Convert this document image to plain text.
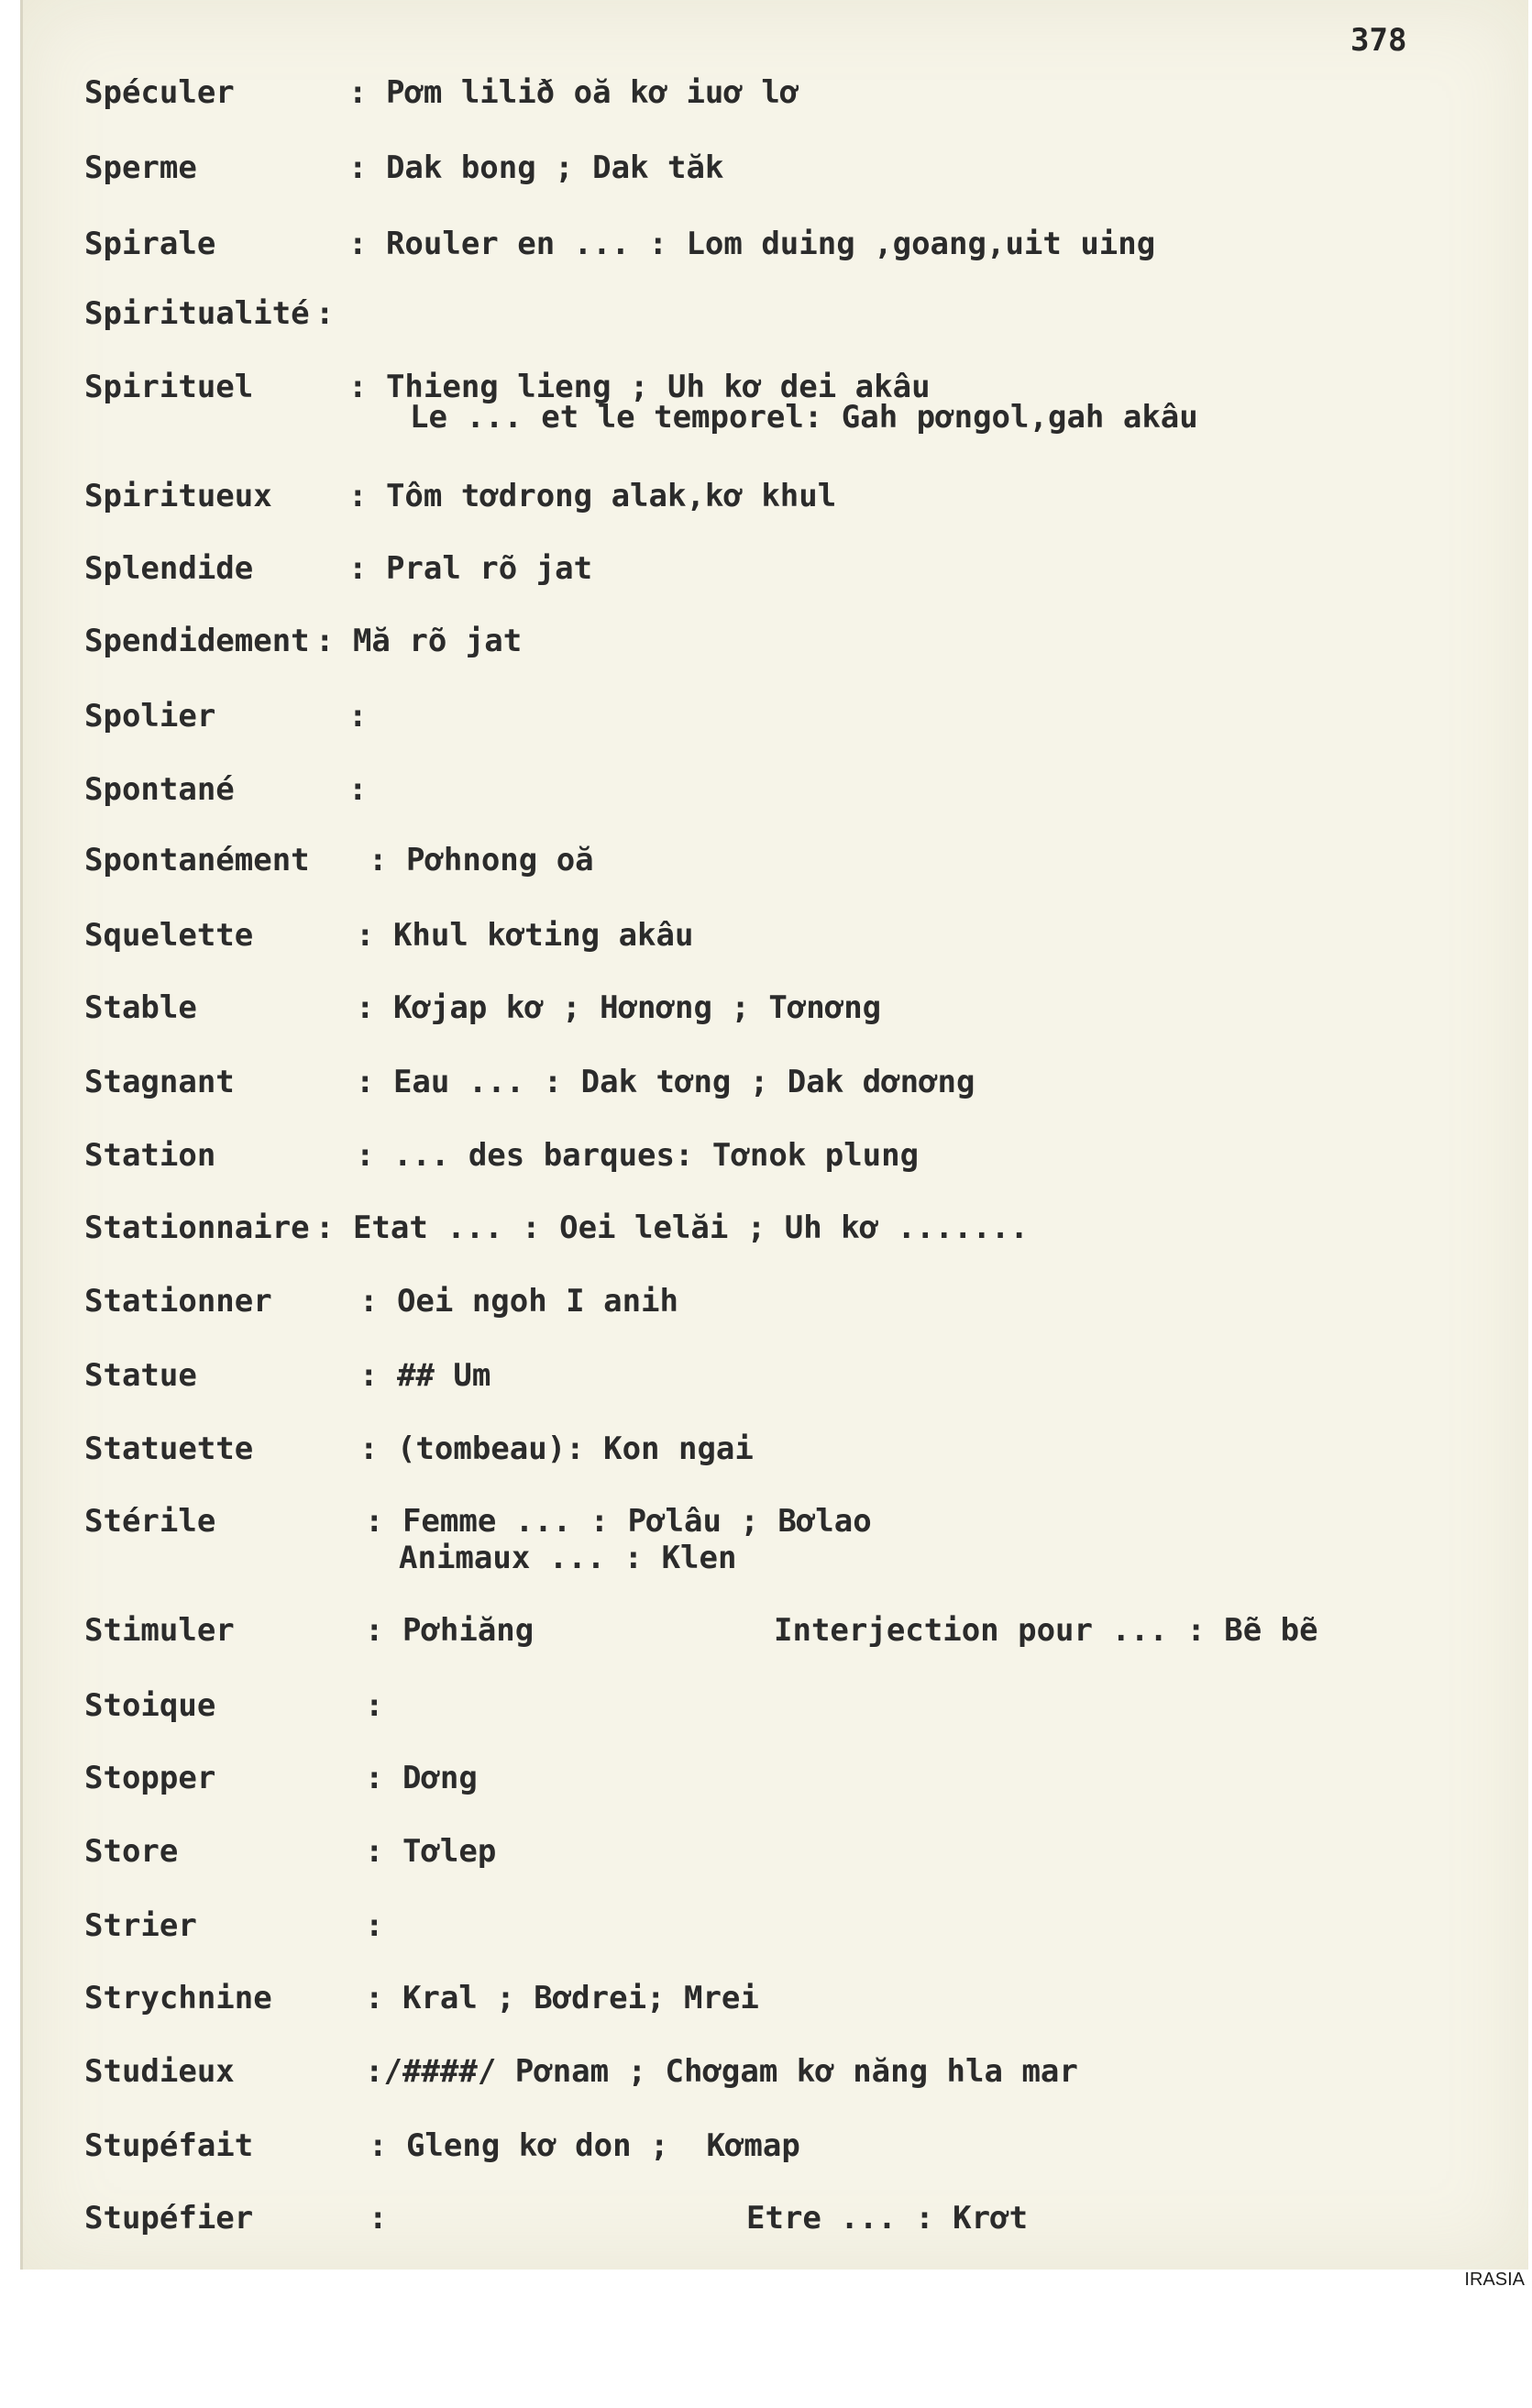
378

Spéculer

	: Pơm lilið oă kơ iuơ lơ

Sperme

	: Dak bong ; Dak tăk

Spirale

	: Rouler en ... : Lom duing ,goang,uit uing

Spiritualité

:

Spirituel

	: Thieng lieng ; Uh kơ dei akâu

Le ... et le temporel: Gah pơngol,gah akâu

Spiritueux

: Tôm tơdrong alak,kơ khul

Splendide

	: Pral rõ jat

Spendidement

: Mă rõ jat

Spolier

	:

Spontané

	:

Spontanément

: Pơhnong oă

Squelette

	: Khul kơting akâu

Stable

	: Kơjap kơ ; Hơnơng ; Tơnơng

Stagnant

	: Eau ... : Dak tơng ; Dak dơnơng

Station

	: ... des barques: Tơnok plung

Stationnaire

: Etat ... : Oei lelăi ; Uh kơ .......

Stationner

	: Oei ngoh I anih

Statue

	: ## Um

Statuette

	: (tombeau): Kon ngai

Stérile

	: Femme ... : Pơlâu ; Bơlao

Animaux ... : Klen

Stimuler

	: Pơhiăng

	Interjection pour ... : Bẽ bẽ

Stoique

	:

Stopper

	: Dơng

Store

	: Tơlep

Strier

	:

Strychnine

	: Kral ; Bơdrei; Mrei

Studieux

	:/####/ Pơnam ; Chơgam kơ năng hla mar

Stupéfait

	: Gleng kơ don ;  Kơmap

Stupéfier

	:

	Etre ... : Krơt

IRASIA
